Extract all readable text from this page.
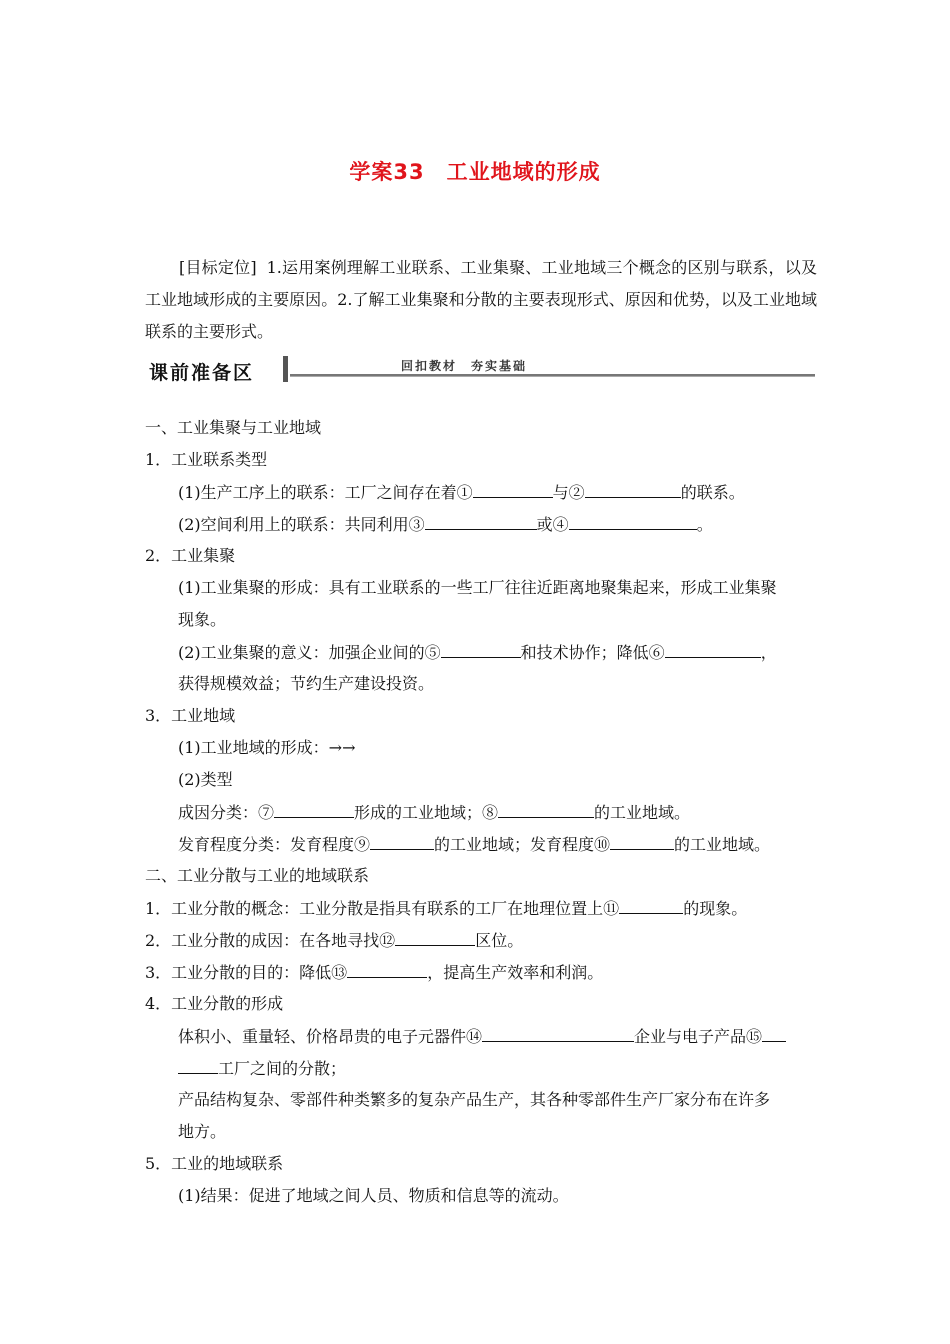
学案33　工业地域的形成
[目标定位] 1.运用案例理解工业联系、工业集聚、工业地域三个概念的区别与联系，以及工业地域形成的主要原因。2.了解工业集聚和分散的主要表现形式、原因和优势，以及工业地域联系的主要形式。
课前准备区	回扣教材　夯实基础
一、工业集聚与工业地域
1．工业联系类型
(1)生产工序上的联系：工厂之间存在着①	与②	的联系。
(2)空间利用上的联系：共同利用③	或④	。
2．工业集聚
(1)工业集聚的形成：具有工业联系的一些工厂往往近距离地聚集起来，形成工业集聚
现象。
(2)工业集聚的意义：加强企业间的⑤	和技术协作；降低⑥	，
获得规模效益；节约生产建设投资。
3．工业地域
(1)工业地域的形成：→→
(2)类型
成因分类：⑦	形成的工业地域；⑧	的工业地域。
发育程度分类：发育程度⑨	的工业地域；发育程度⑩	的工业地域。
二、工业分散与工业的地域联系
1．工业分散的概念：工业分散是指具有联系的工厂在地理位置上⑪	的现象。
2．工业分散的成因：在各地寻找⑫	区位。
3．工业分散的目的：降低⑬	，提高生产效率和利润。
4．工业分散的形成
体积小、重量轻、价格昂贵的电子元器件⑭	企业与电子产品⑮
工厂之间的分散；
产品结构复杂、零部件种类繁多的复杂产品生产，其各种零部件生产厂家分布在许多
地方。
5．工业的地域联系
(1)结果：促进了地域之间人员、物质和信息等的流动。
